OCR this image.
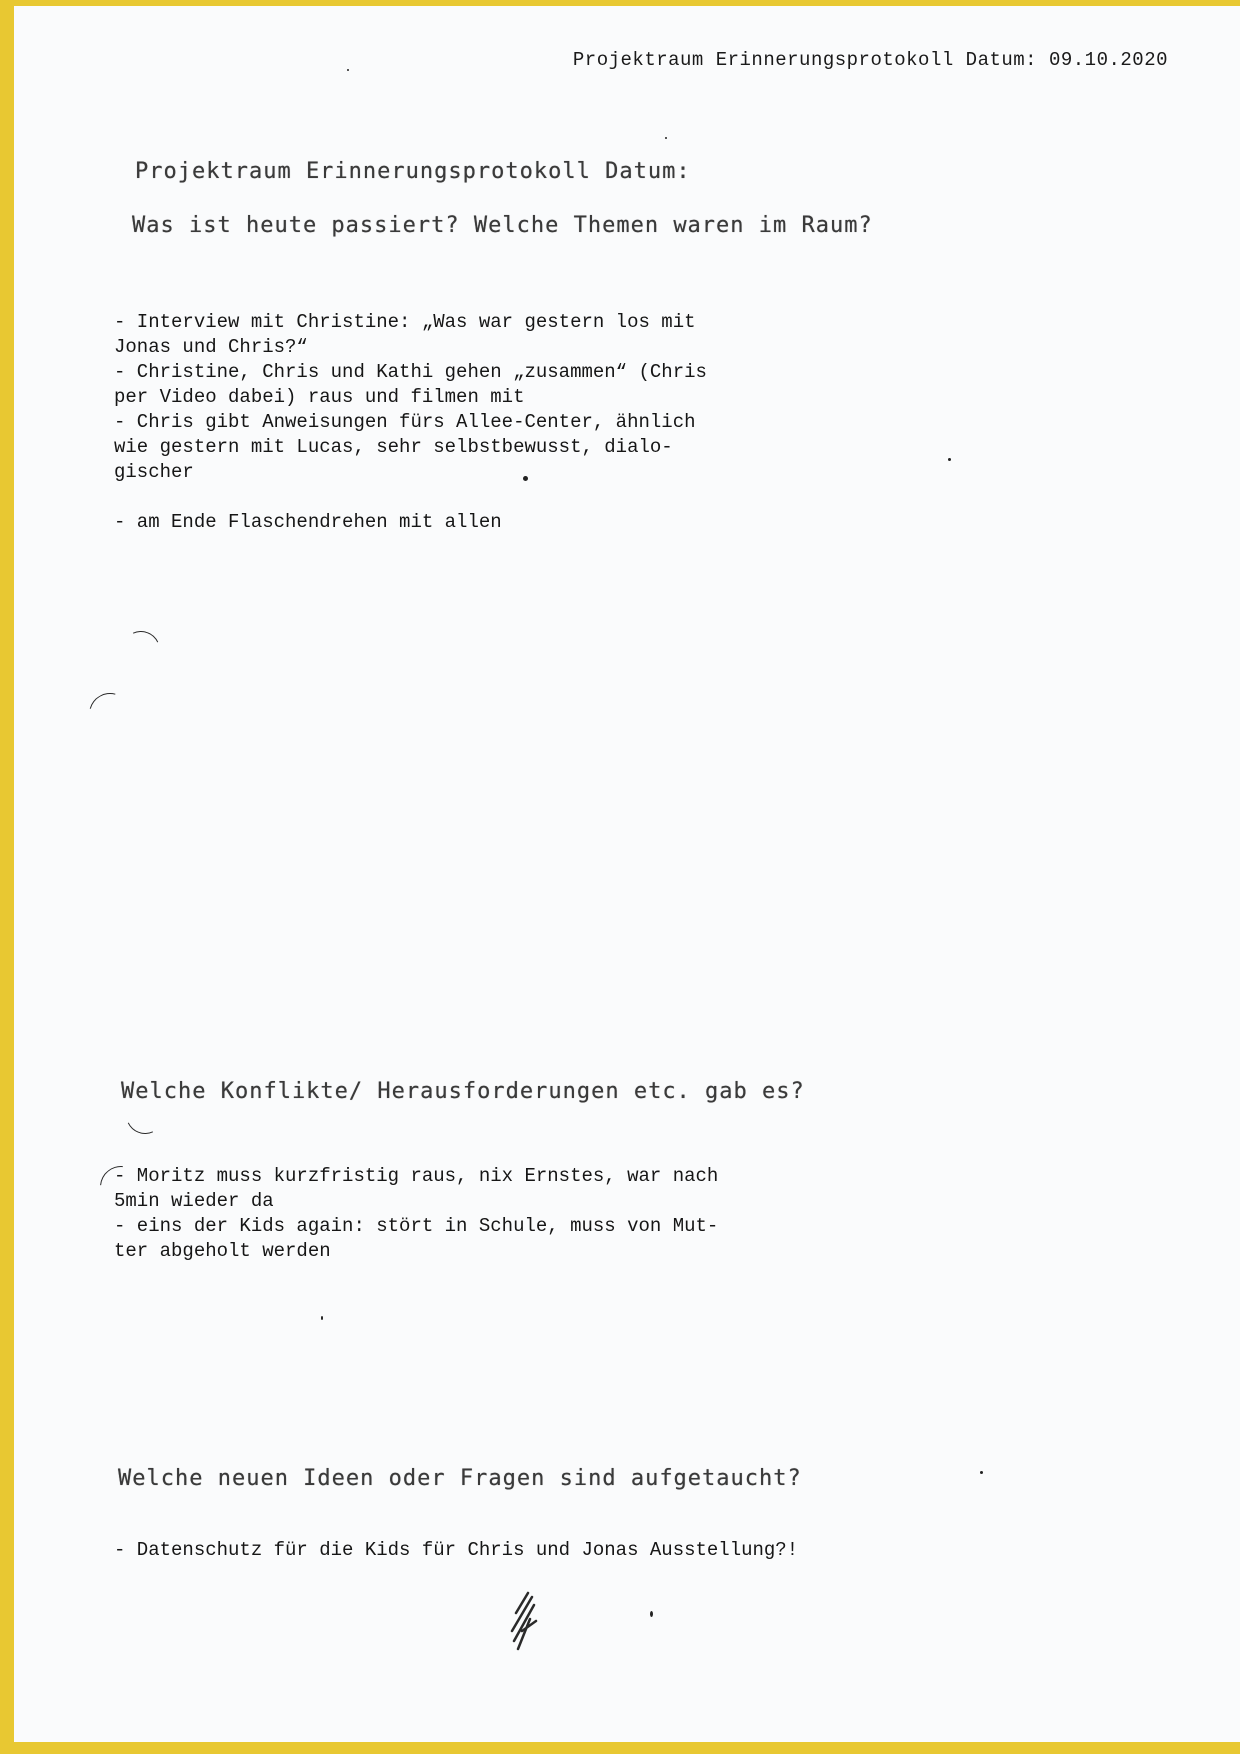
Projektraum Erinnerungsprotokoll Datum: 09.10.2020
Projektraum Erinnerungsprotokoll Datum:
Was ist heute passiert? Welche Themen waren im Raum?
- Interview mit Christine: „Was war gestern los mit
Jonas und Chris?“
- Christine, Chris und Kathi gehen „zusammen“ (Chris
per Video dabei) raus und filmen mit
- Chris gibt Anweisungen fürs Allee-Center, ähnlich
wie gestern mit Lucas, sehr selbstbewusst, dialo-
gischer
- am Ende Flaschendrehen mit allen
Welche Konflikte/ Herausforderungen etc. gab es?
- Moritz muss kurzfristig raus, nix Ernstes, war nach
5min wieder da
- eins der Kids again: stört in Schule, muss von Mut-
ter abgeholt werden
Welche neuen Ideen oder Fragen sind aufgetaucht?
- Datenschutz für die Kids für Chris und Jonas Ausstellung?!
